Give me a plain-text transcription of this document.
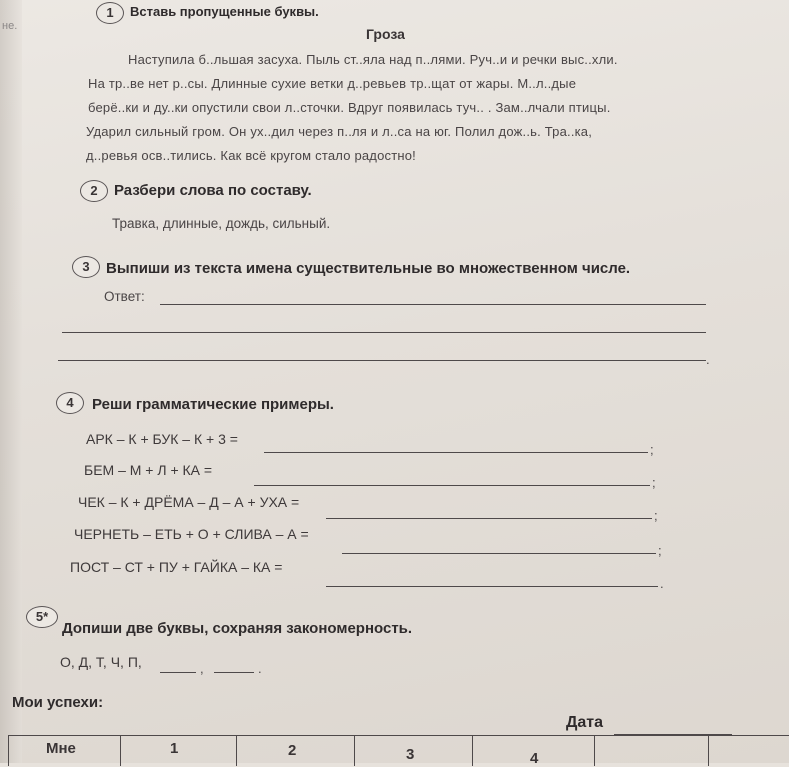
не.
1	Вставь пропущенные буквы.
Гроза
Наступила б..льшая засуха. Пыль ст..яла над п..лями. Руч..и и речки выс..хли.
На тр..ве нет р..сы. Длинные сухие ветки д..ревьев тр..щат от жары. М..л..дые
берё..ки и ду..ки опустили свои л..сточки. Вдруг появилась туч.. . Зам..лчали птицы.
Ударил сильный гром. Он ух..дил через п..ля и л..са на юг. Полил дож..ь. Тра..ка,
д..ревья осв..тились. Как всё кругом стало радостно!
2	Разбери слова по составу.
Травка, длинные, дождь, сильный.
3	Выпиши из текста имена существительные во множественном числе.
Ответ:
.
4	Реши грамматические примеры.
АРК – К + БУК – К + 3 =
;
БЕМ – М + Л + КА =
;
ЧЕК – К + ДРЁМА – Д – А + УХА =
;
ЧЕРНЕТЬ – ЕТЬ + О + СЛИВА – А =
;
ПОСТ – СТ + ПУ + ГАЙКА – КА =
.
5*
Допиши две буквы, сохраняя закономерность.
О, Д, Т, Ч, П,	,	.
Мои успехи:
Дата
Мне	1	2	3	4
